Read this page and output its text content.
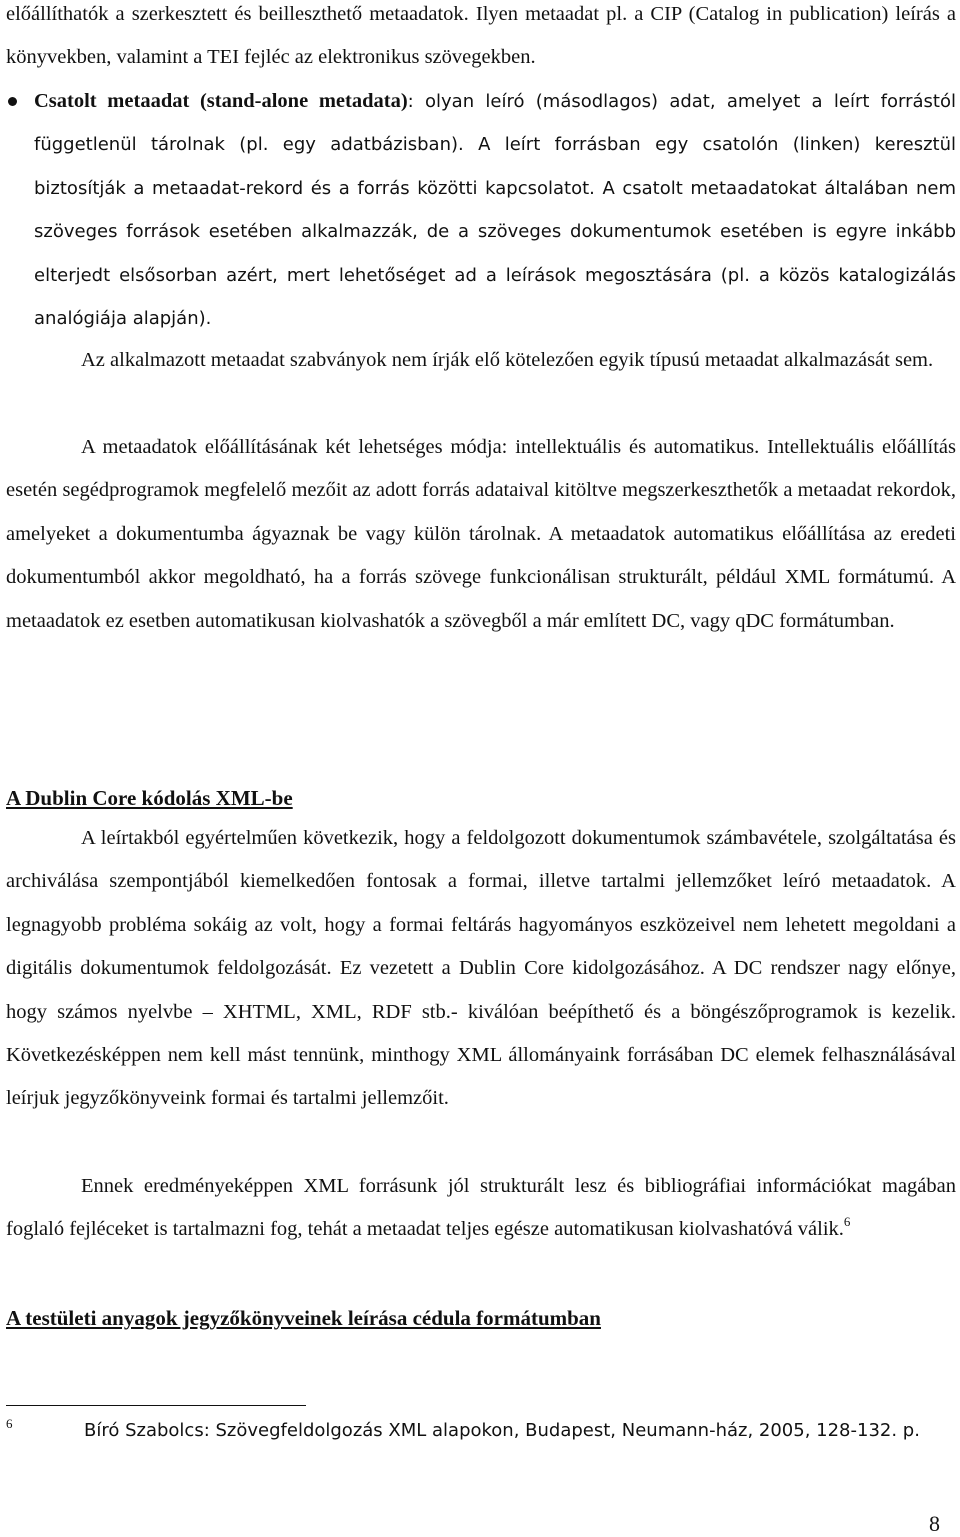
előállíthatók a szerkesztett és beilleszthető metaadatok. Ilyen metaadat pl. a CIP (Catalog in publication) leírás a könyvekben, valamint a TEI fejléc az elektronikus szövegekben.

Csatolt metaadat (stand-alone metadata): olyan leíró (másodlagos) adat, amelyet a leírt forrástól függetlenül tárolnak (pl. egy adatbázisban). A leírt forrásban egy csatolón (linken) keresztül biztosítják a metaadat-rekord és a forrás közötti kapcsolatot. A csatolt metaadatokat általában nem szöveges források esetében alkalmazzák, de a szöveges dokumentumok esetében is egyre inkább elterjedt elsősorban azért, mert lehetőséget ad a leírások megosztására (pl. a közös katalogizálás analógiája alapján).

Az alkalmazott metaadat szabványok nem írják elő kötelezően egyik típusú metaadat alkalmazását sem.

A metaadatok előállításának két lehetséges módja: intellektuális és automatikus. Intellektuális előállítás esetén segédprogramok megfelelő mezőit az adott forrás adataival kitöltve megszerkeszthetők a metaadat rekordok, amelyeket a dokumentumba ágyaznak be vagy külön tárolnak. A metaadatok automatikus előállítása az eredeti dokumentumból akkor megoldható, ha a forrás szövege funkcionálisan strukturált, például XML formátumú. A metaadatok ez esetben automatikusan kiolvashatók a szövegből a már említett DC, vagy qDC formátumban.

A Dublin Core kódolás XML-be

A leírtakból egyértelműen következik, hogy a feldolgozott dokumentumok számbavétele, szolgáltatása és archiválása szempontjából kiemelkedően fontosak a formai, illetve tartalmi jellemzőket leíró metaadatok. A legnagyobb probléma sokáig az volt, hogy a formai feltárás hagyományos eszközeivel nem lehetett megoldani a digitális dokumentumok feldolgozását. Ez vezetett a Dublin Core kidolgozásához. A DC rendszer nagy előnye, hogy számos nyelvbe – XHTML, XML, RDF stb.- kiválóan beépíthető és a böngészőprogramok is kezelik. Következésképpen nem kell mást tennünk, minthogy XML állományaink forrásában DC elemek felhasználásával leírjuk jegyzőkönyveink formai és tartalmi jellemzőit.

Ennek eredményeképpen XML forrásunk jól strukturált lesz és bibliográfiai információkat magában foglaló fejléceket is tartalmazni fog, tehát a metaadat teljes egésze automatikusan kiolvashatóvá válik.$^6$

A testületi anyagok jegyzőkönyveinek leírása cédula formátumban
6	Bíró Szabolcs: Szövegfeldolgozás XML alapokon, Budapest, Neumann-ház, 2005, 128-132. p.
8
